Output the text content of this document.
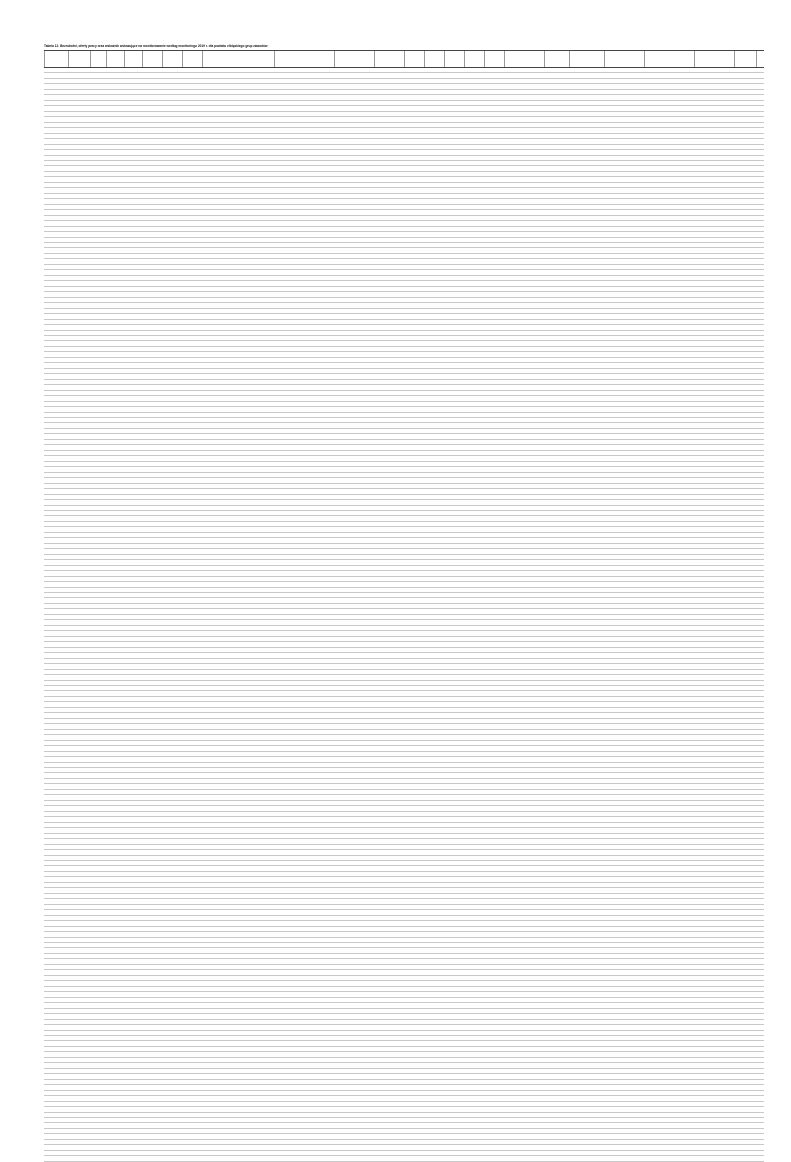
Tabela 12. Bezrobotni, oferty pracy oraz wskaźnik wskazujące na monitorowanie według monitoringu 2019 r. dla powiatu elbląskiego grup zawodów
